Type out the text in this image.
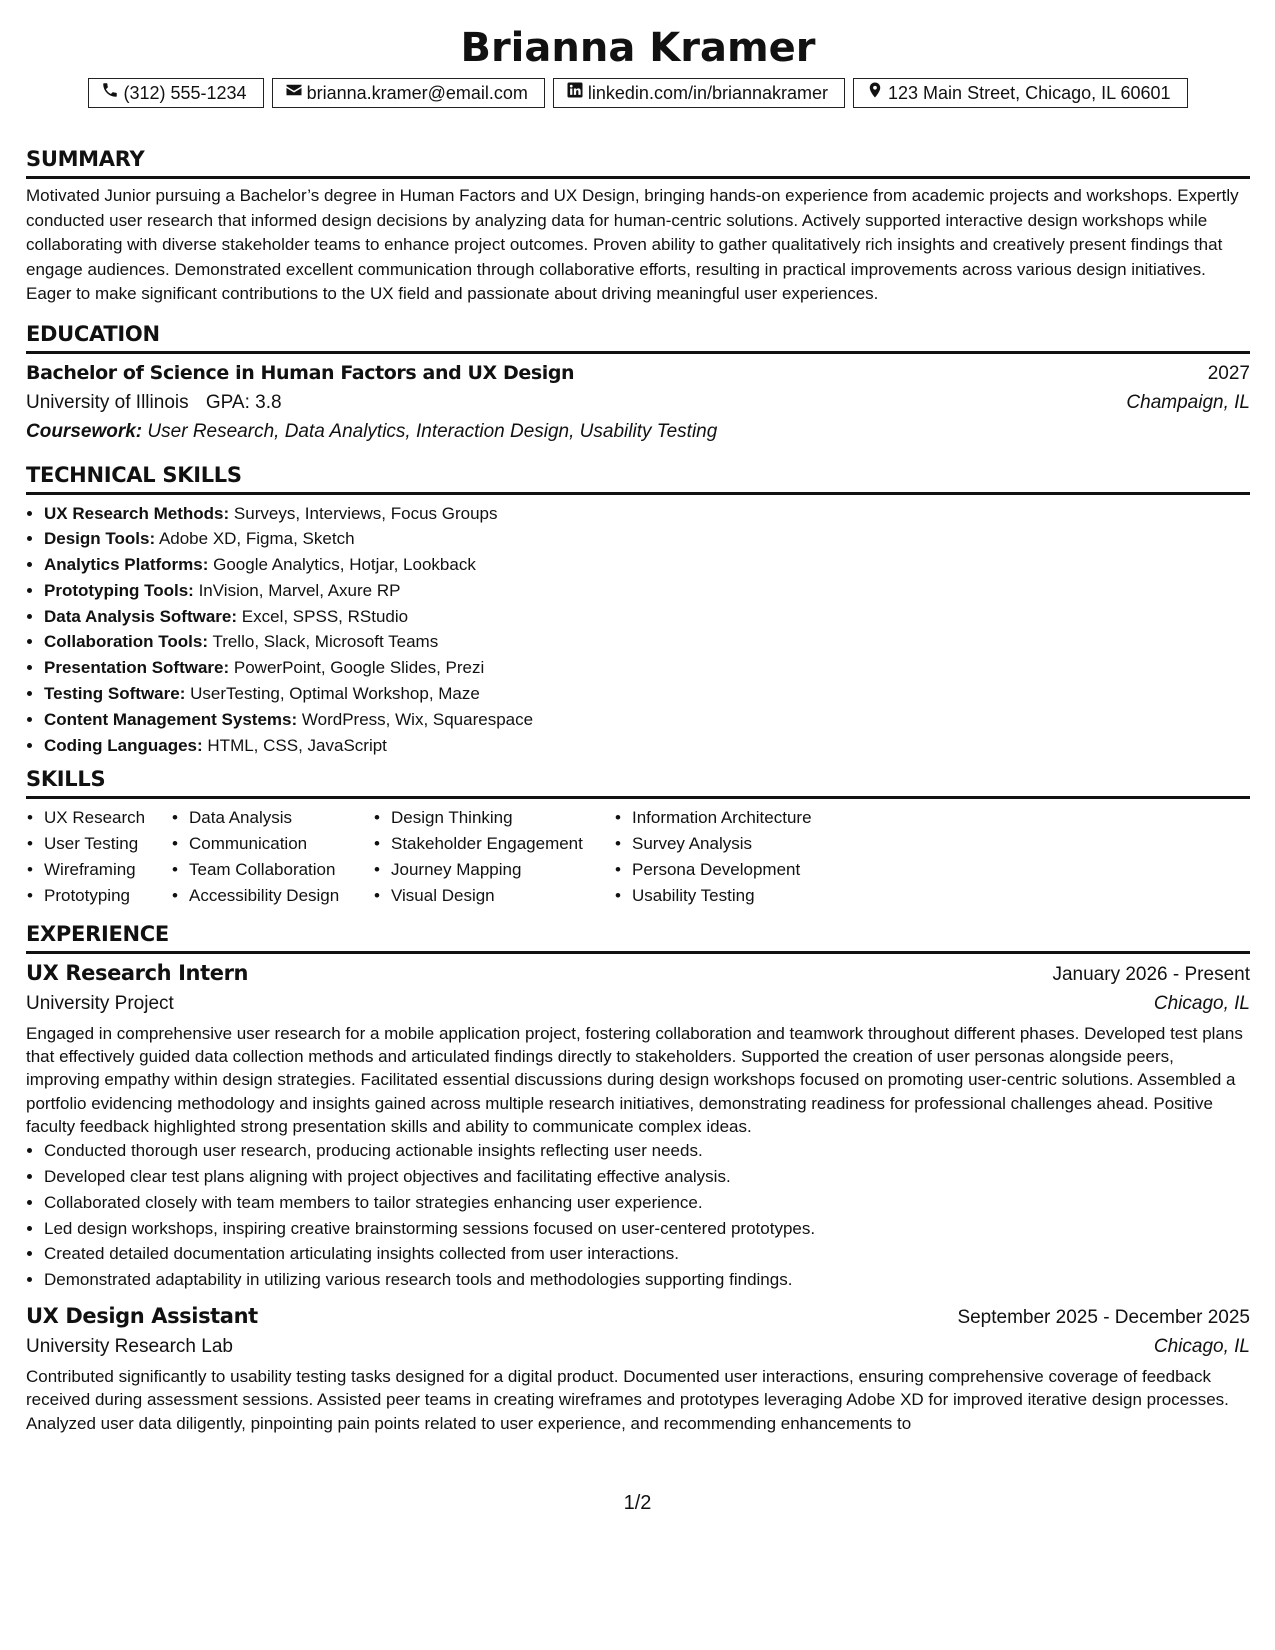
Brianna Kramer
(312) 555-1234	brianna.kramer@email.com	linkedin.com/in/briannakramer	123 Main Street, Chicago, IL 60601
SUMMARY

Motivated Junior pursuing a Bachelor’s degree in Human Factors and UX Design, bringing hands-on experience from academic projects and workshops. Expertly conducted user research that informed design decisions by analyzing data for human-centric solutions. Actively supported interactive design workshops while collaborating with diverse stakeholder teams to enhance project outcomes. Proven ability to gather qualitatively rich insights and creatively present findings that engage audiences. Demonstrated excellent communication through collaborative efforts, resulting in practical improvements across various design initiatives. Eager to make significant contributions to the UX field and passionate about driving meaningful user experiences.

EDUCATION
Bachelor of Science in Human Factors and UX Design	2027
University of Illinois GPA: 3.8	Champaign, IL
Coursework: User Research, Data Analytics, Interaction Design, Usability Testing
TECHNICAL SKILLS
• UX Research Methods: Surveys, Interviews, Focus Groups
• Design Tools: Adobe XD, Figma, Sketch
• Analytics Platforms: Google Analytics, Hotjar, Lookback
• Prototyping Tools: InVision, Marvel, Axure RP
• Data Analysis Software: Excel, SPSS, RStudio
• Collaboration Tools: Trello, Slack, Microsoft Teams
• Presentation Software: PowerPoint, Google Slides, Prezi
• Testing Software: UserTesting, Optimal Workshop, Maze
• Content Management Systems: WordPress, Wix, Squarespace
• Coding Languages: HTML, CSS, JavaScript
SKILLS
• UX Research
• User Testing
• Wireframing
• Prototyping
• Data Analysis
• Communication
• Team Collaboration
• Accessibility Design
• Design Thinking
• Stakeholder Engagement
• Journey Mapping
• Visual Design
• Information Architecture
• Survey Analysis
• Persona Development
• Usability Testing
EXPERIENCE
UX Research Intern	January 2026 - Present
University Project	Chicago, IL

Engaged in comprehensive user research for a mobile application project, fostering collaboration and teamwork throughout different phases. Developed test plans that effectively guided data collection methods and articulated findings directly to stakeholders. Supported the creation of user personas alongside peers, improving empathy within design strategies. Facilitated essential discussions during design workshops focused on promoting user-centric solutions. Assembled a portfolio evidencing methodology and insights gained across multiple research initiatives, demonstrating readiness for professional challenges ahead. Positive faculty feedback highlighted strong presentation skills and ability to communicate complex ideas.

• Conducted thorough user research, producing actionable insights reflecting user needs.
• Developed clear test plans aligning with project objectives and facilitating effective analysis.
• Collaborated closely with team members to tailor strategies enhancing user experience.
• Led design workshops, inspiring creative brainstorming sessions focused on user-centered prototypes.
• Created detailed documentation articulating insights collected from user interactions.
• Demonstrated adaptability in utilizing various research tools and methodologies supporting findings.
UX Design Assistant	September 2025 - December 2025
University Research Lab	Chicago, IL

Contributed significantly to usability testing tasks designed for a digital product. Documented user interactions, ensuring comprehensive coverage of feedback received during assessment sessions. Assisted peer teams in creating wireframes and prototypes leveraging Adobe XD for improved iterative design processes. Analyzed user data diligently, pinpointing pain points related to user experience, and recommending enhancements to

1/2
